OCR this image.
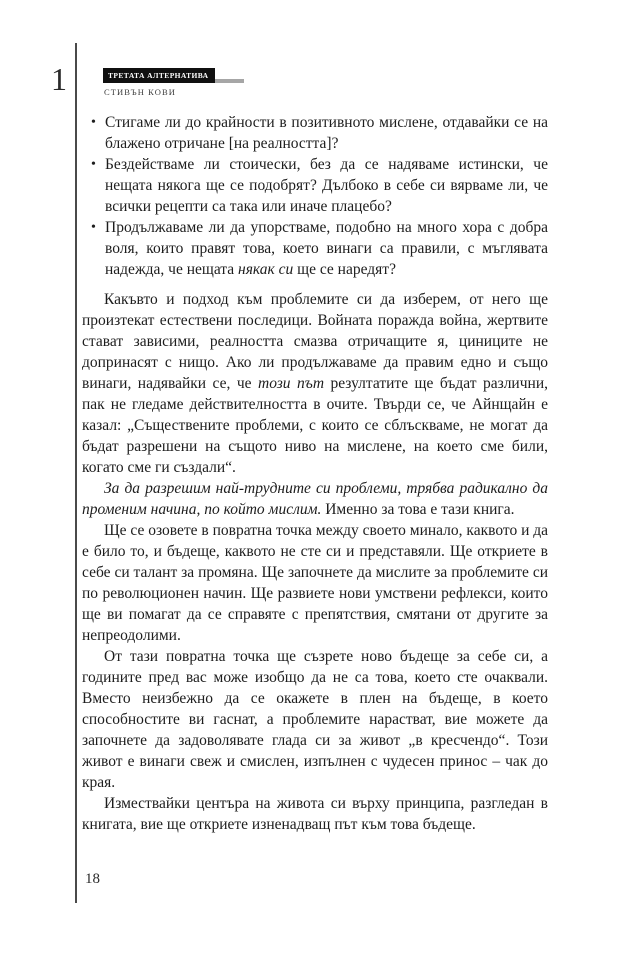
1	ТРЕТАТА АЛТЕРНАТИВА
СТИВЪН КОВИ
• Стигаме ли до крайности в позитивното мислене, отдавайки се на блажено отричане [на реалността]?
• Бездействаме ли стоически, без да се надяваме истински, че нещата някога ще се подобрят? Дълбоко в себе си вярваме ли, че всички рецепти са така или иначе плацебо?
• Продължаваме ли да упорстваме, подобно на много хора с добра воля, които правят това, което винаги са правили, с мъглявата надежда, че нещата някак си ще се наредят?
Какъвто и подход към проблемите си да изберем, от него ще произтекат естествени последици. Войната поражда война, жертвите стават зависими, реалността смазва отричащите я, циниците не допринасят с нищо. Ако ли продължаваме да правим едно и също винаги, надявайки се, че този път резултатите ще бъдат различни, пак не гледаме действителността в очите. Твърди се, че Айнщайн е казал: „Съществените проблеми, с които се сблъскваме, не могат да бъдат разрешени на същото ниво на мислене, на което сме били, когато сме ги създали“.
За да разрешим най-трудните си проблеми, трябва радикално да променим начина, по който мислим. Именно за това е тази книга.
Ще се озовете в повратна точка между своето минало, каквото и да е било то, и бъдеще, каквото не сте си и представяли. Ще откриете в себе си талант за промяна. Ще започнете да мислите за проблемите си по революционен начин. Ще развиете нови умствени рефлекси, които ще ви помагат да се справяте с препятствия, смятани от другите за непреодолими.
От тази повратна точка ще съзрете ново бъдеще за себе си, а годините пред вас може изобщо да не са това, което сте очаквали. Вместо неизбежно да се окажете в плен на бъдеще, в което способностите ви гаснат, а проблемите нарастват, вие можете да започнете да задоволявате глада си за живот „в кресчендо“. Този живот е винаги свеж и смислен, изпълнен с чудесен принос – чак до края.
Измествайки центъра на живота си върху принципа, разгледан в книгата, вие ще откриете изненадващ път към това бъдеще.
18
